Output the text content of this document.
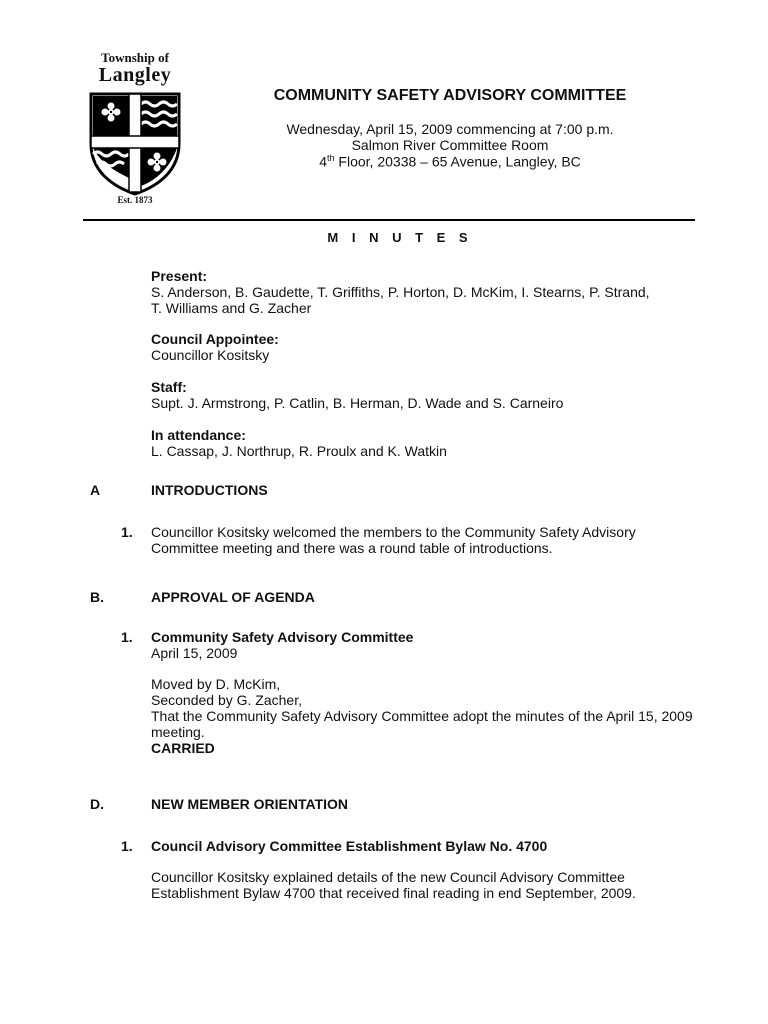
Township of
Langley
Est. 1873
COMMUNITY SAFETY ADVISORY COMMITTEE
Wednesday, April 15, 2009 commencing at 7:00 p.m.
Salmon River Committee Room
4th Floor, 20338 – 65 Avenue, Langley, BC
M I N U T E S
Present:
S. Anderson, B. Gaudette, T. Griffiths, P. Horton, D. McKim, I. Stearns, P. Strand,
T. Williams and G. Zacher
Council Appointee:
Councillor Kositsky
Staff:
Supt. J. Armstrong, P. Catlin, B. Herman, D. Wade and S. Carneiro
In attendance:
L. Cassap, J. Northrup, R. Proulx and K. Watkin
A	INTRODUCTIONS
1. Councillor Kositsky welcomed the members to the Community Safety Advisory
Committee meeting and there was a round table of introductions.
B.	APPROVAL OF AGENDA
1. Community Safety Advisory Committee
April 15, 2009
Moved by D. McKim,
Seconded by G. Zacher,
That the Community Safety Advisory Committee adopt the minutes of the April 15, 2009
meeting.
CARRIED
D.	NEW MEMBER ORIENTATION
1. Council Advisory Committee Establishment Bylaw No. 4700
Councillor Kositsky explained details of the new Council Advisory Committee
Establishment Bylaw 4700 that received final reading in end September, 2009.
